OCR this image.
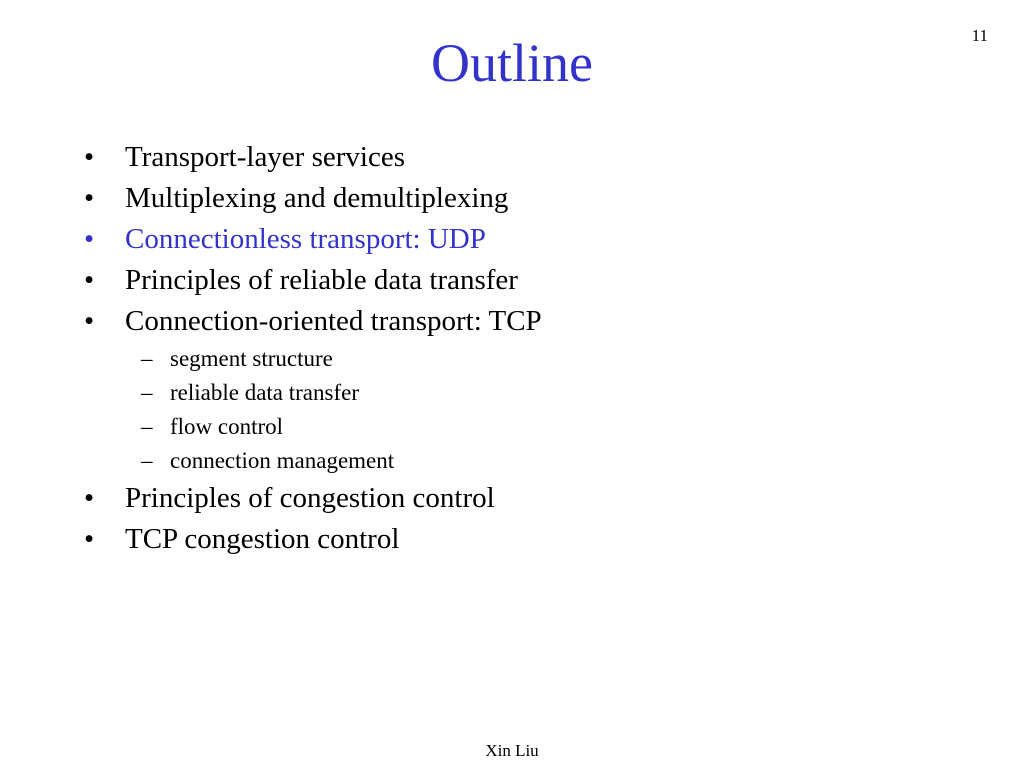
11
Outline
• Transport-layer services
• Multiplexing and demultiplexing
• Connectionless transport: UDP
• Principles of reliable data transfer
• Connection-oriented transport: TCP
– segment structure
– reliable data transfer
– flow control
– connection management
• Principles of congestion control
• TCP congestion control
Xin Liu
